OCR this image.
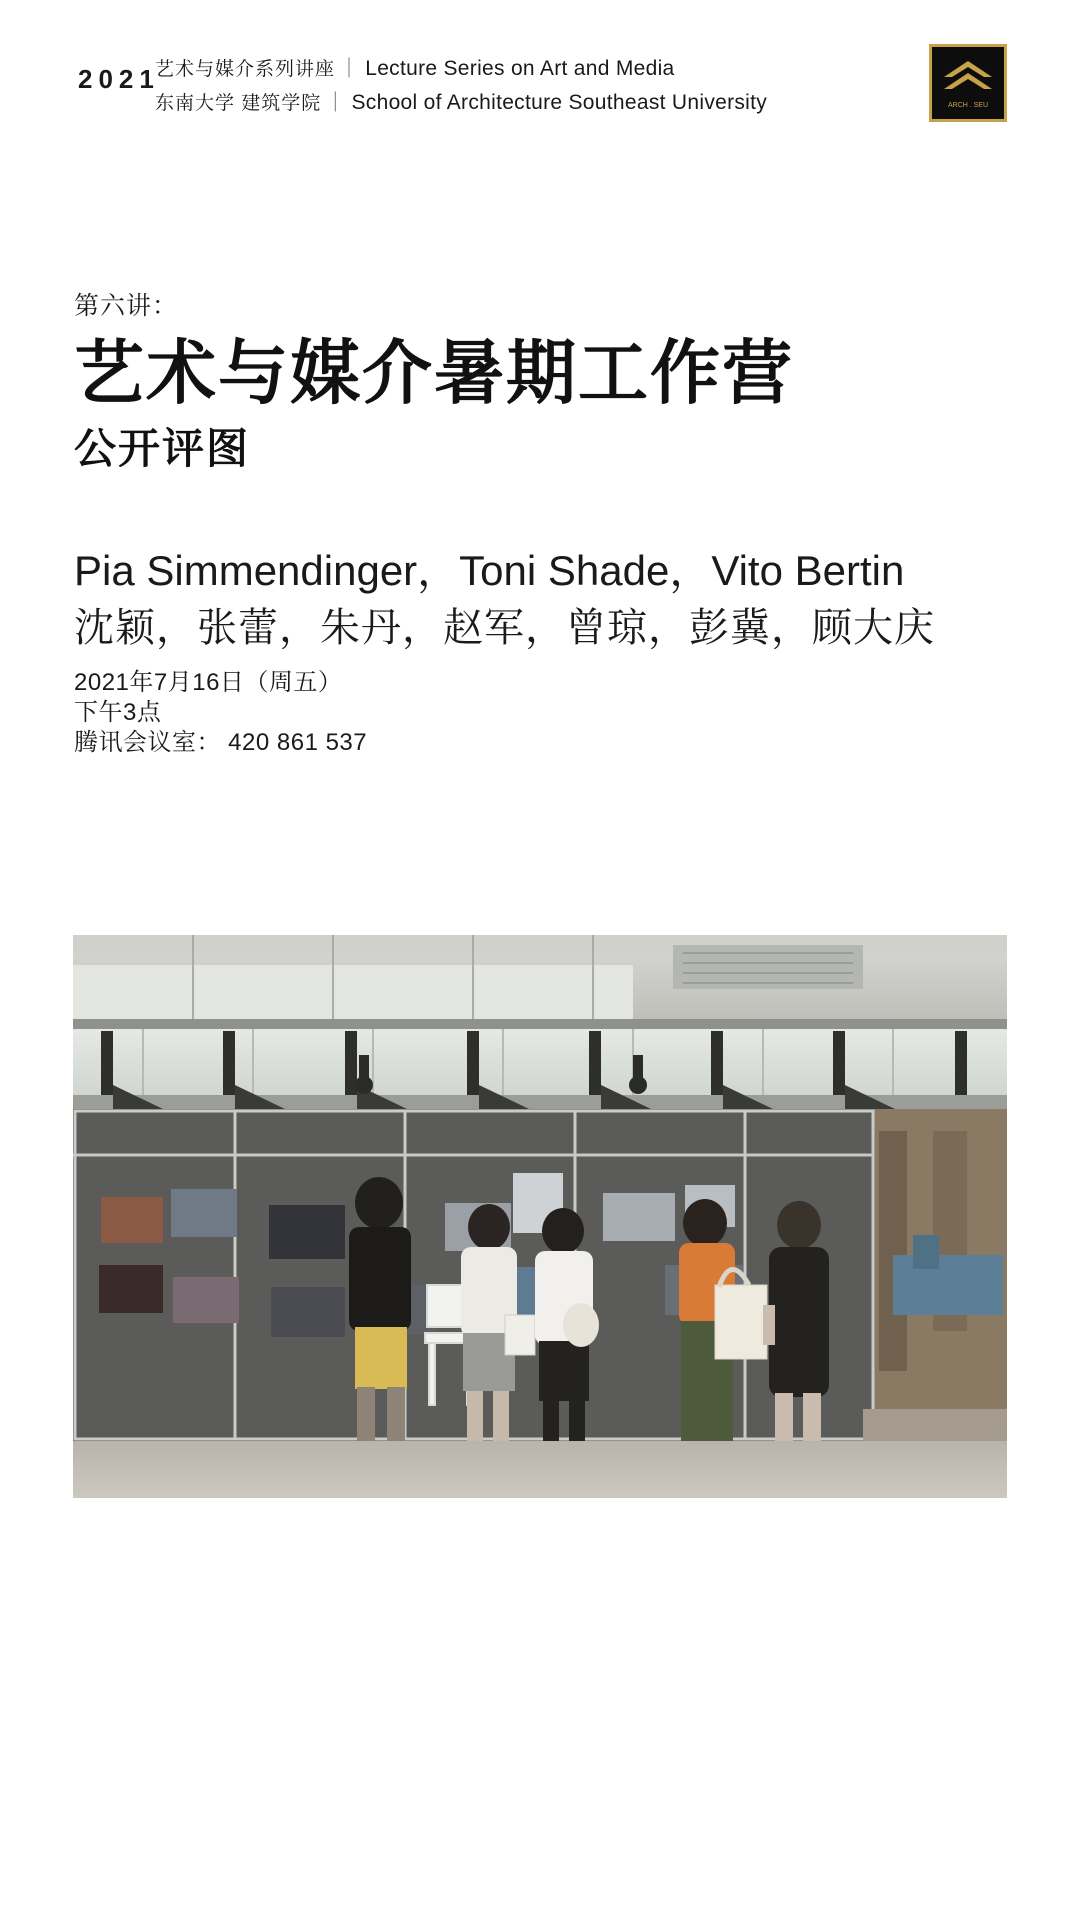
2021
艺术与媒介系列讲座 ｜ Lecture Series on Art and Media
东南大学 建筑学院 ｜ School of Architecture Southeast University	ARCH . SEU
第六讲：
艺术与媒介暑期工作营
公开评图
Pia Simmendinger，Toni Shade，Vito Bertin
沈颖，张蕾，朱丹，赵军，曾琼，彭冀，顾大庆
2021年7月16日（周五）
下午3点
腾讯会议室： 420 861 537
